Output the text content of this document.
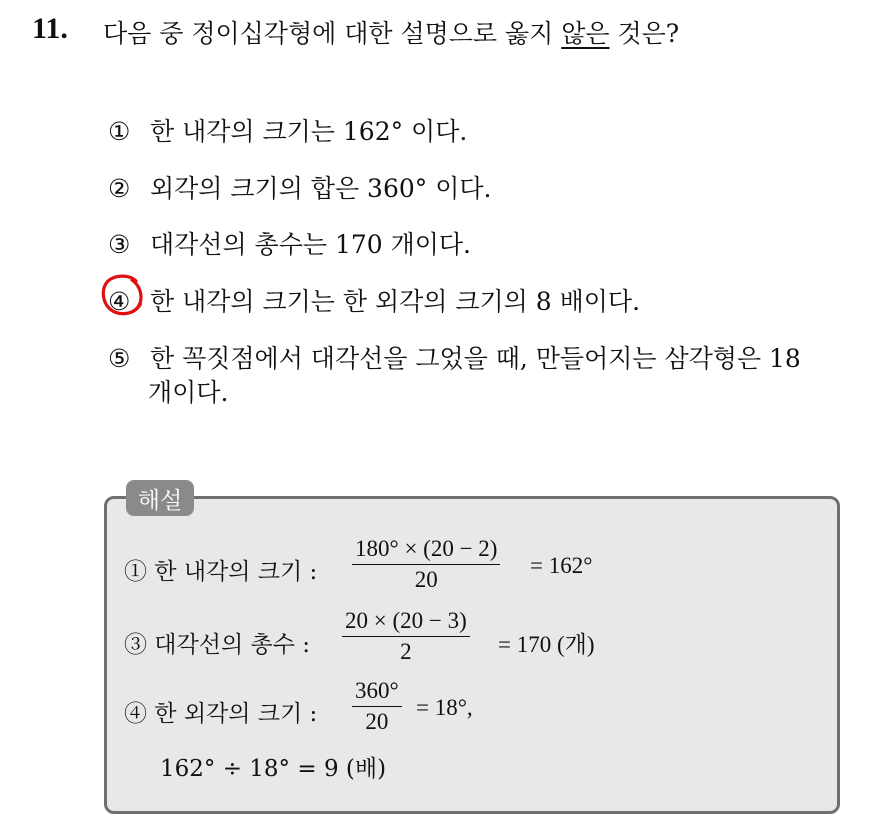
11. 다음 중 정이십각형에 대한 설명으로 옳지 않은 것은?
① 한 내각의 크기는 162° 이다.
② 외각의 크기의 합은 360° 이다.
③ 대각선의 총수는 170 개이다.
④ 한 내각의 크기는 한 외각의 크기의 8 배이다.
⑤ 한 꼭짓점에서 대각선을 그었을 때, 만들어지는 삼각형은 18
개이다.
해설
① 한 내각의 크기 : $\frac{180^\circ \times (20 - 2)}{20} = 162^\circ$
③ 대각선의 총수 : $\frac{20 \times (20 - 3)}{2} = 170$ (개)
④ 한 외각의 크기 : $\frac{360^\circ}{20} = 18^\circ$,
162° ÷ 18° = 9 (배)
